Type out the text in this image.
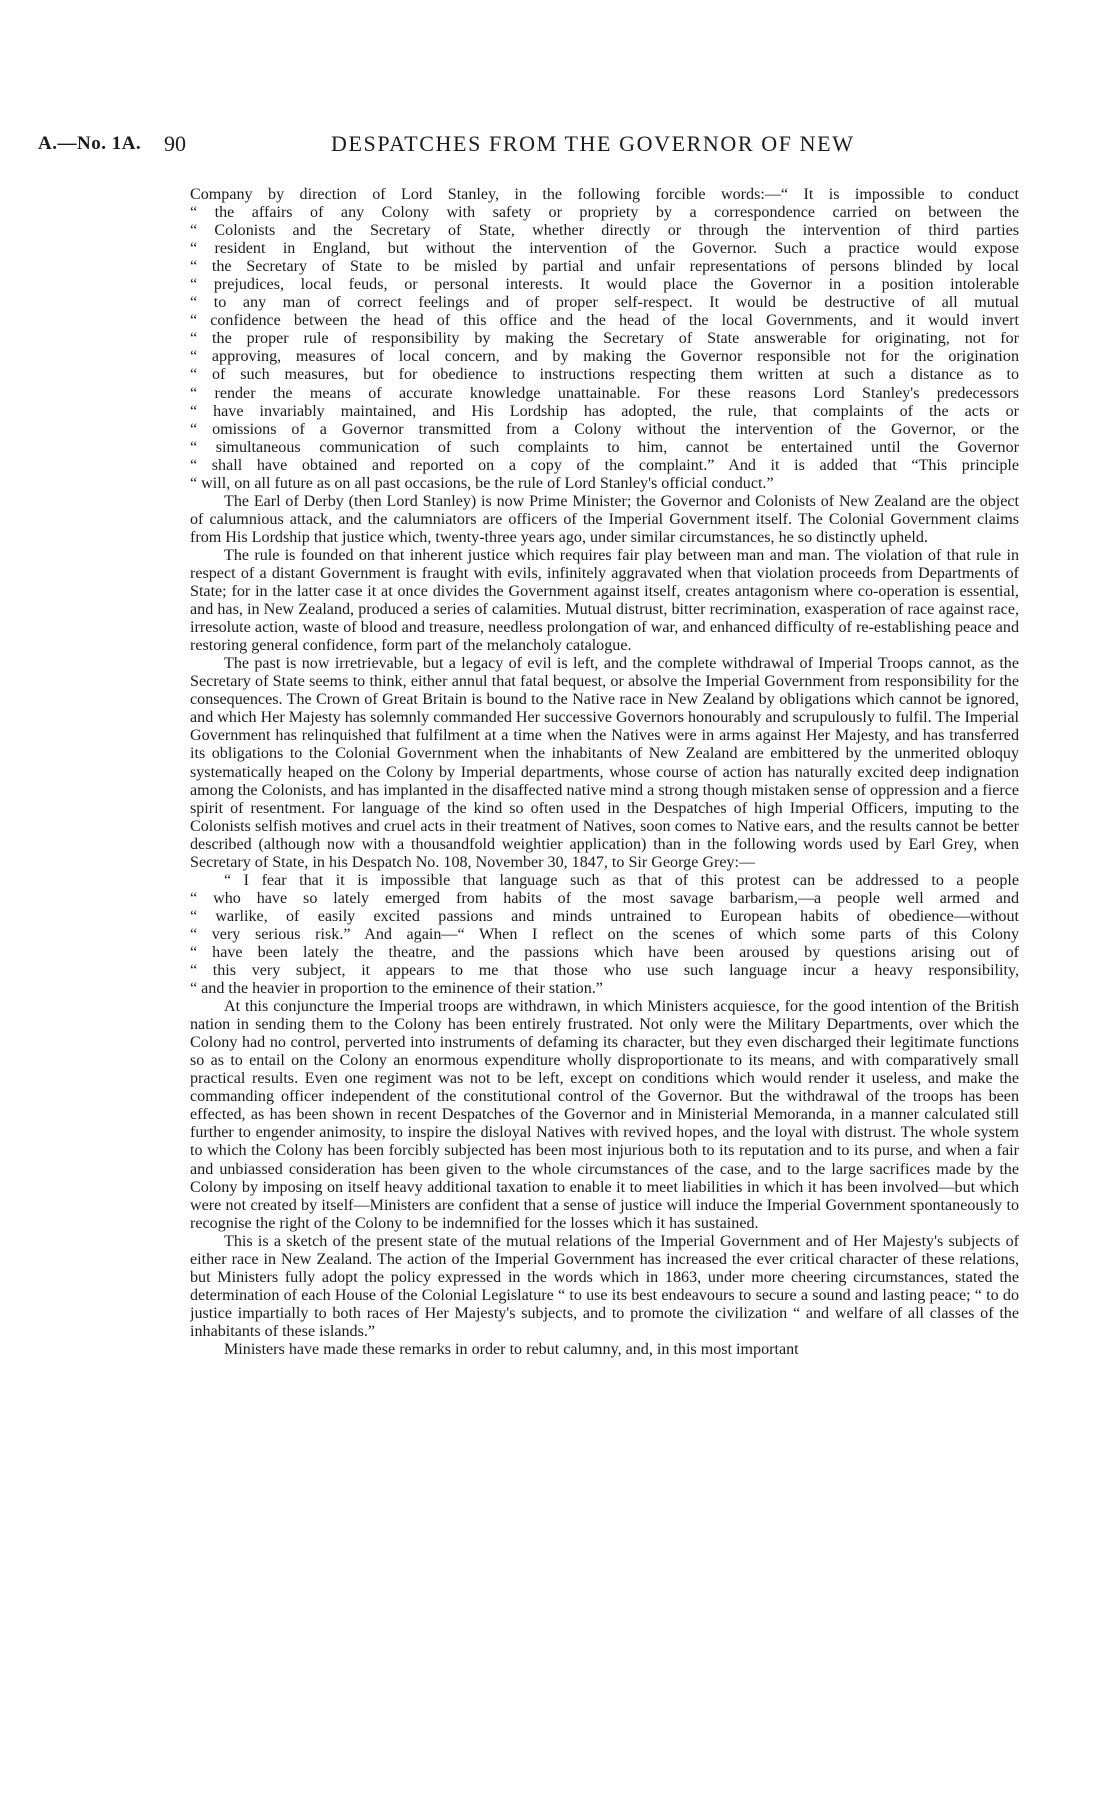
A.—No. 1A. 90	DESPATCHES FROM THE GOVERNOR OF NEW
Company by direction of Lord Stanley, in the following forcible words:—“ It is impossible to conduct
“ the affairs of any Colony with safety or propriety by a correspondence carried on between the
“ Colonists and the Secretary of State, whether directly or through the intervention of third parties
“ resident in England, but without the intervention of the Governor. Such a practice would expose
“ the Secretary of State to be misled by partial and unfair representations of persons blinded by local
“ prejudices, local feuds, or personal interests. It would place the Governor in a position intolerable
“ to any man of correct feelings and of proper self-respect. It would be destructive of all mutual
“ confidence between the head of this office and the head of the local Governments, and it would invert
“ the proper rule of responsibility by making the Secretary of State answerable for originating, not for
“ approving, measures of local concern, and by making the Governor responsible not for the origination
“ of such measures, but for obedience to instructions respecting them written at such a distance as to
“ render the means of accurate knowledge unattainable. For these reasons Lord Stanley's predecessors
“ have invariably maintained, and His Lordship has adopted, the rule, that complaints of the acts or
“ omissions of a Governor transmitted from a Colony without the intervention of the Governor, or the
“ simultaneous communication of such complaints to him, cannot be entertained until the Governor
“ shall have obtained and reported on a copy of the complaint.” And it is added that “This principle
“ will, on all future as on all past occasions, be the rule of Lord Stanley's official conduct.”

The Earl of Derby (then Lord Stanley) is now Prime Minister; the Governor and Colonists of New Zealand are the object of calumnious attack, and the calumniators are officers of the Imperial Government itself. The Colonial Government claims from His Lordship that justice which, twenty-three years ago, under similar circumstances, he so distinctly upheld.

The rule is founded on that inherent justice which requires fair play between man and man. The violation of that rule in respect of a distant Government is fraught with evils, infinitely aggravated when that violation proceeds from Departments of State; for in the latter case it at once divides the Government against itself, creates antagonism where co-operation is essential, and has, in New Zealand, produced a series of calamities. Mutual distrust, bitter recrimination, exasperation of race against race, irresolute action, waste of blood and treasure, needless prolongation of war, and enhanced difficulty of re-establishing peace and restoring general confidence, form part of the melancholy catalogue.

The past is now irretrievable, but a legacy of evil is left, and the complete withdrawal of Imperial Troops cannot, as the Secretary of State seems to think, either annul that fatal bequest, or absolve the Imperial Government from responsibility for the consequences. The Crown of Great Britain is bound to the Native race in New Zealand by obligations which cannot be ignored, and which Her Majesty has solemnly commanded Her successive Governors honourably and scrupulously to fulfil. The Imperial Government has relinquished that fulfilment at a time when the Natives were in arms against Her Majesty, and has transferred its obligations to the Colonial Government when the inhabitants of New Zealand are embittered by the unmerited obloquy systematically heaped on the Colony by Imperial departments, whose course of action has naturally excited deep indignation among the Colonists, and has implanted in the disaffected native mind a strong though mistaken sense of oppression and a fierce spirit of resentment. For language of the kind so often used in the Despatches of high Imperial Officers, imputing to the Colonists selfish motives and cruel acts in their treatment of Natives, soon comes to Native ears, and the results cannot be better described (although now with a thousandfold weightier application) than in the following words used by Earl Grey, when Secretary of State, in his Despatch No. 108, November 30, 1847, to Sir George Grey:—

“ I fear that it is impossible that language such as that of this protest can be addressed to a people
“ who have so lately emerged from habits of the most savage barbarism,—a people well armed and
“ warlike, of easily excited passions and minds untrained to European habits of obedience—without
“ very serious risk.” And again—“ When I reflect on the scenes of which some parts of this Colony
“ have been lately the theatre, and the passions which have been aroused by questions arising out of
“ this very subject, it appears to me that those who use such language incur a heavy responsibility,
“ and the heavier in proportion to the eminence of their station.”

At this conjuncture the Imperial troops are withdrawn, in which Ministers acquiesce, for the good intention of the British nation in sending them to the Colony has been entirely frustrated. Not only were the Military Departments, over which the Colony had no control, perverted into instruments of defaming its character, but they even discharged their legitimate functions so as to entail on the Colony an enormous expenditure wholly disproportionate to its means, and with comparatively small practical results. Even one regiment was not to be left, except on conditions which would render it useless, and make the commanding officer independent of the constitutional control of the Governor. But the withdrawal of the troops has been effected, as has been shown in recent Despatches of the Governor and in Ministerial Memoranda, in a manner calculated still further to engender animosity, to inspire the disloyal Natives with revived hopes, and the loyal with distrust. The whole system to which the Colony has been forcibly subjected has been most injurious both to its reputation and to its purse, and when a fair and unbiassed consideration has been given to the whole circumstances of the case, and to the large sacrifices made by the Colony by imposing on itself heavy additional taxation to enable it to meet liabilities in which it has been involved—but which were not created by itself—Ministers are confident that a sense of justice will induce the Imperial Government spontaneously to recognise the right of the Colony to be indemnified for the losses which it has sustained.

This is a sketch of the present state of the mutual relations of the Imperial Government and of Her Majesty's subjects of either race in New Zealand. The action of the Imperial Government has increased the ever critical character of these relations, but Ministers fully adopt the policy expressed in the words which in 1863, under more cheering circumstances, stated the determination of each House of the Colonial Legislature “ to use its best endeavours to secure a sound and lasting peace; “ to do justice impartially to both races of Her Majesty's subjects, and to promote the civilization “ and welfare of all classes of the inhabitants of these islands.”

Ministers have made these remarks in order to rebut calumny, and, in this most important
